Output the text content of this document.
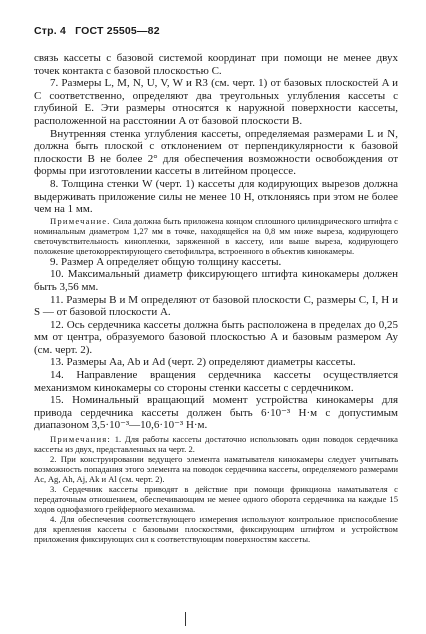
Стр. 4 ГОСТ 25505—82

связь кассеты с базовой системой координат при помощи не менее двух точек контакта с базовой плоскостью C.

7. Размеры L, M, N, U, V, W и R3 (см. черт. 1) от базовых плоскостей A и C соответственно, определяют два треугольных углубления кассеты с глубиной E. Эти размеры относятся к наружной поверхности кассеты, расположенной на расстоянии A от базовой плоскости B.

Внутренняя стенка углубления кассеты, определяемая размерами L и N, должна быть плоской с отклонением от перпендикулярности к базовой плоскости B не более 2° для обеспечения возможности освобождения от формы при изготовлении кассеты в литейном процессе.

8. Толщина стенки W (черт. 1) кассеты для кодирующих вырезов должна выдерживать приложение силы не менее 10 Н, отклоняясь при этом не более чем на 1 мм.

Примечание. Сила должна быть приложена концом сплошного цилиндрического штифта с номинальным диаметром 1,27 мм в точке, находящейся на 0,8 мм ниже выреза, кодирующего светочувствительность кинопленки, заряженной в кассету, или выше выреза, кодирующего положение цветокорректирующего светофильтра, встроенного в объектив кинокамеры.

9. Размер A определяет общую толщину кассеты.

10. Максимальный диаметр фиксирующего штифта кинокамеры должен быть 3,56 мм.

11. Размеры B и M определяют от базовой плоскости C, размеры C, I, H и S — от базовой плоскости A.

12. Ось сердечника кассеты должна быть расположена в пределах до 0,25 мм от центра, образуемого базовой плоскостью A и базовым размером Ay (см. черт. 2).

13. Размеры Aa, Ab и Ad (черт. 2) определяют диаметры кассеты.

14. Направление вращения сердечника кассеты осуществляется механизмом кинокамеры со стороны стенки кассеты с сердечником.

15. Номинальный вращающий момент устройства кинокамеры для привода сердечника кассеты должен быть 6·10⁻³ Н·м с допустимым диапазоном 3,5·10⁻³—10,6·10⁻³ Н·м.

Примечания: 1. Для работы кассеты достаточно использовать один поводок сердечника кассеты из двух, представленных на черт. 2.

2. При конструировании ведущего элемента наматывателя кинокамеры следует учитывать возможность попадания этого элемента на поводок сердечника кассеты, определяемого размерами Ac, Ag, Ah, Aj, Ak и Al (см. черт. 2).

3. Сердечник кассеты приводят в действие при помощи фрикциона наматывателя с передаточным отношением, обеспечивающим не менее одного оборота сердечника на каждые 15 ходов однофазного грейферного механизма.

4. Для обеспечения соответствующего измерения используют контрольное приспособление для крепления кассеты с базовыми плоскостями, фиксирующим штифтом и устройством приложения фиксирующих сил к соответствующим поверхностям кассеты.
